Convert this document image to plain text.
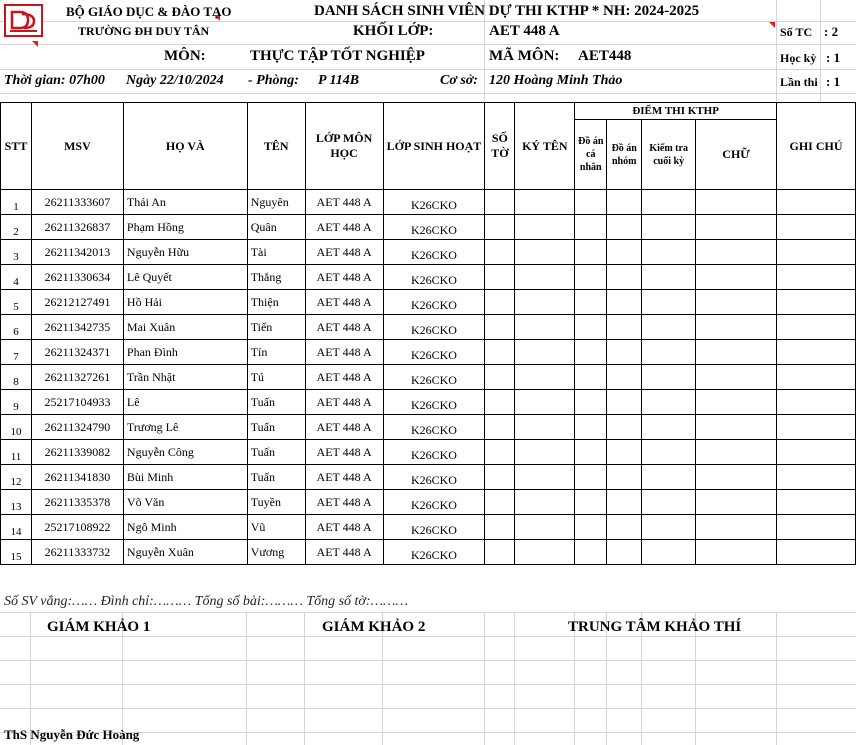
BỘ GIÁO DỤC & ĐÀO TẠO
TRƯỜNG ĐH DUY TÂN
DANH SÁCH SINH VIÊN DỰ THI KTHP * NH: 2024-2025
KHỐI LỚP:	AET 448 A	Số TC : 2
MÔN:	THỰC TẬP TỐT NGHIỆP	MÃ MÔN: AET448	Học kỳ : 1
Thời gian: 07h00 Ngày 22/10/2024 - Phòng: P 114B	Cơ sở: 120 Hoàng Minh Thảo	Lần thi : 1
STT	MSV	HỌ VÀ	TÊN	LỚP MÔN HỌC	LỚP SINH HOẠT	SỐ TỜ	KÝ TÊN	ĐIỂM THI KTHP				GHI CHÚ
								Đồ án cá nhân	Đồ án nhóm	Kiểm tra cuối kỳ	CHỮ	

1	26211333607	Thái An	Nguyên	AET 448 A	K26CKO							
2	26211326837	Phạm Hồng	Quân	AET 448 A	K26CKO							
3	26211342013	Nguyễn Hữu	Tài	AET 448 A	K26CKO							
4	26211330634	Lê Quyết	Thắng	AET 448 A	K26CKO							
5	26212127491	Hồ Hải	Thiện	AET 448 A	K26CKO							
6	26211342735	Mai Xuân	Tiến	AET 448 A	K26CKO							
7	26211324371	Phan Đình	Tín	AET 448 A	K26CKO							
8	26211327261	Trần Nhật	Tú	AET 448 A	K26CKO							
9	25217104933	Lê	Tuấn	AET 448 A	K26CKO							
10	26211324790	Trương Lê	Tuấn	AET 448 A	K26CKO							
11	26211339082	Nguyễn Công	Tuấn	AET 448 A	K26CKO							
12	26211341830	Bùi Minh	Tuấn	AET 448 A	K26CKO							
13	26211335378	Võ Văn	Tuyền	AET 448 A	K26CKO							
14	25217108922	Ngô Minh	Vũ	AET 448 A	K26CKO							
15	26211333732	Nguyễn Xuân	Vương	AET 448 A	K26CKO							
Số SV vắng:…… Đình chỉ:……… Tổng số bài:……… Tổng số tờ:………
GIÁM KHẢO 1	GIÁM KHẢO 2	TRUNG TÂM KHẢO THÍ
ThS Nguyễn Đức Hoàng
